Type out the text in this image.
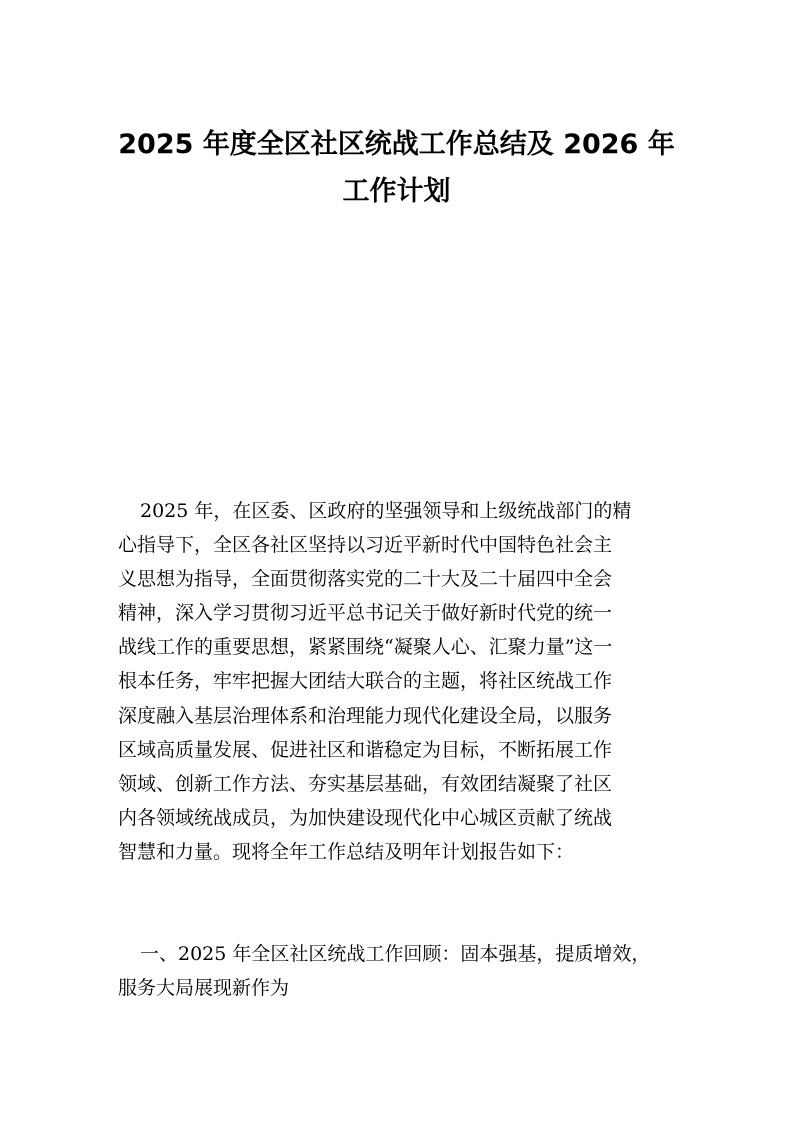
2025 年度全区社区统战工作总结及 2026 年
工作计划
2025 年，在区委、区政府的坚强领导和上级统战部门的精
心指导下，全区各社区坚持以习近平新时代中国特色社会主
义思想为指导，全面贯彻落实党的二十大及二十届四中全会
精神，深入学习贯彻习近平总书记关于做好新时代党的统一
战线工作的重要思想，紧紧围绕“凝聚人心、汇聚力量”这一
根本任务，牢牢把握大团结大联合的主题，将社区统战工作
深度融入基层治理体系和治理能力现代化建设全局，以服务
区域高质量发展、促进社区和谐稳定为目标，不断拓展工作
领域、创新工作方法、夯实基层基础，有效团结凝聚了社区
内各领域统战成员，为加快建设现代化中心城区贡献了统战
智慧和力量。现将全年工作总结及明年计划报告如下：
一、2025 年全区社区统战工作回顾：固本强基，提质增效，
服务大局展现新作为
